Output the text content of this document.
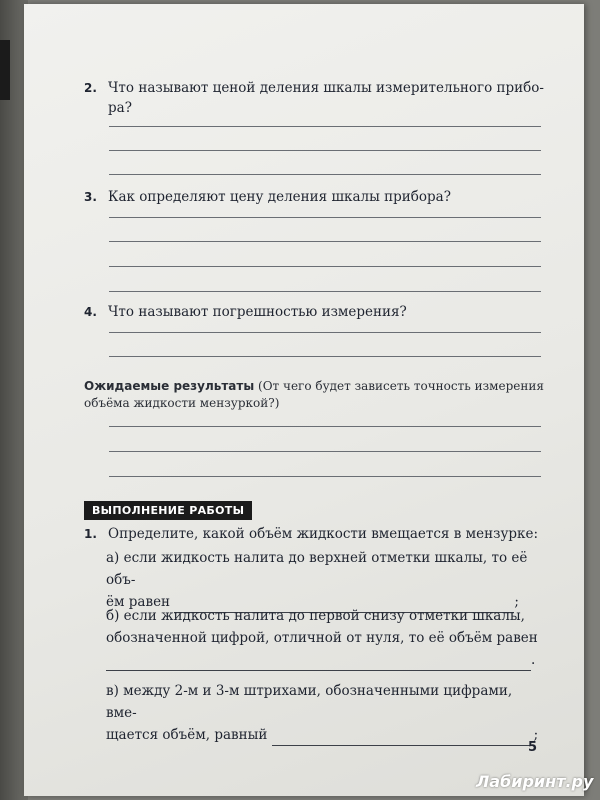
2. Что называют ценой деления шкалы измерительного прибо-
ра?
3. Как определяют цену деления шкалы прибора?
4. Что называют погрешностью измерения?
Ожидаемые результаты (От чего будет зависеть точность измерения объёма жидкости мензуркой?)
ВЫПОЛНЕНИЕ РАБОТЫ
1. Определите, какой объём жидкости вмещается в мензурке:
а) если жидкость налита до верхней отметки шкалы, то её объ-
ём равен	;
б) если жидкость налита до первой снизу отметки шкалы,
обозначенной цифрой, отличной от нуля, то её объём равен
.
в) между 2-м и 3-м штрихами, обозначенными цифрами, вме-
щается объём, равный	;
5
Лабиринт.ру
